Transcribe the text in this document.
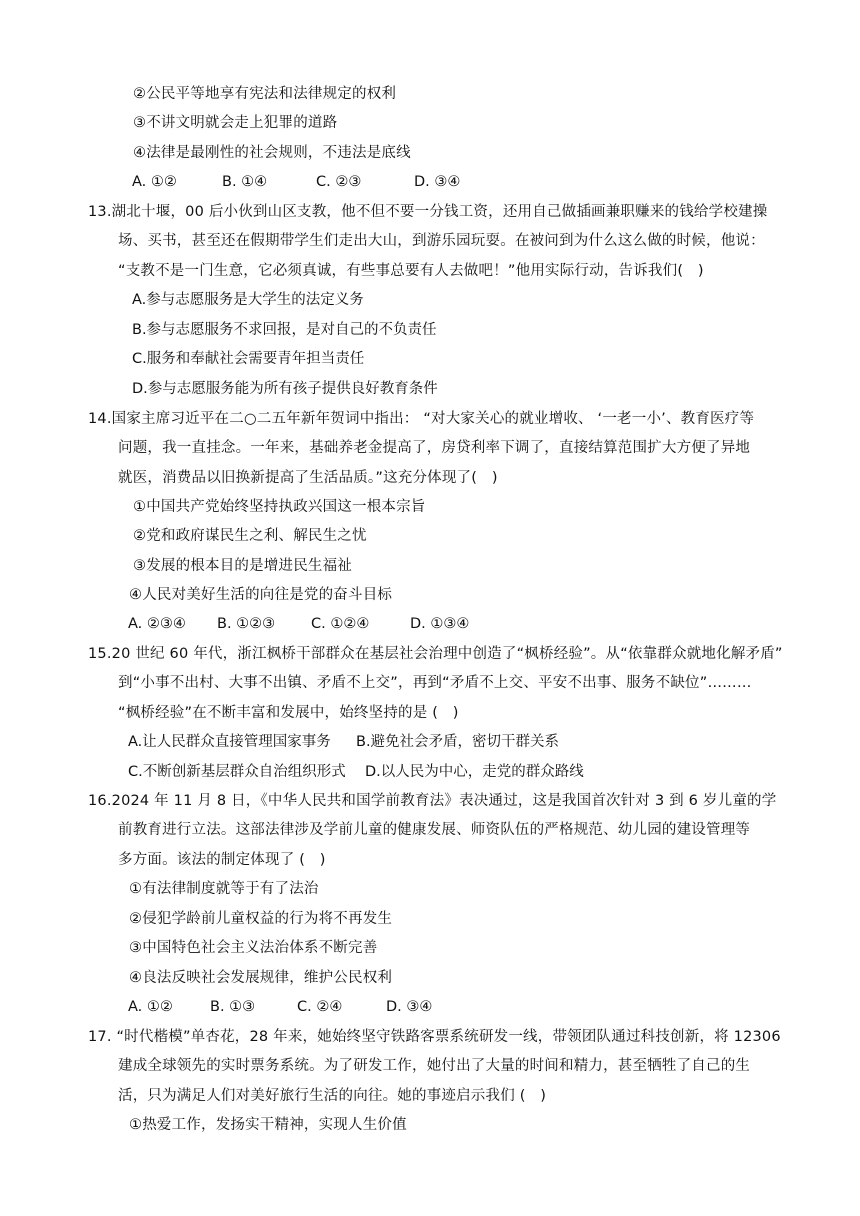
②公民平等地享有宪法和法律规定的权利
③不讲文明就会走上犯罪的道路
④法律是最刚性的社会规则，不违法是底线
A. ①②	B. ①④	C. ②③	D. ③④
13.湖北十堰，00 后小伙到山区支教，他不但不要一分钱工资，还用自己做插画兼职赚来的钱给学校建操
场、买书，甚至还在假期带学生们走出大山，到游乐园玩耍。在被问到为什么这么做的时候，他说：
“支教不是一门生意，它必须真诚，有些事总要有人去做吧！”他用实际行动，告诉我们(　)
A.参与志愿服务是大学生的法定义务
B.参与志愿服务不求回报，是对自己的不负责任
C.服务和奉献社会需要青年担当责任
D.参与志愿服务能为所有孩子提供良好教育条件
14.国家主席习近平在二○二五年新年贺词中指出： “对大家关心的就业增收、 ‘一老一小’、教育医疗等
问题，我一直挂念。一年来，基础养老金提高了，房贷利率下调了，直接结算范围扩大方便了异地
就医，消费品以旧换新提高了生活品质。”这充分体现了(　)
①中国共产党始终坚持执政兴国这一根本宗旨
②党和政府谋民生之利、解民生之忧
③发展的根本目的是增进民生福祉
④人民对美好生活的向往是党的奋斗目标
A. ②③④ B. ①②③ C. ①②④	D. ①③④
15.20 世纪 60 年代，浙江枫桥干部群众在基层社会治理中创造了“枫桥经验”。从“依靠群众就地化解矛盾”
到“小事不出村、大事不出镇、矛盾不上交”，再到“矛盾不上交、平安不出事、服务不缺位”………
“枫桥经验”在不断丰富和发展中，始终坚持的是 (　)
A.让人民群众直接管理国家事务 B.避免社会矛盾，密切干群关系
C.不断创新基层群众自治组织形式 D.以人民为中心，走党的群众路线
16.2024 年 11 月 8 日，《中华人民共和国学前教育法》表决通过，这是我国首次针对 3 到 6 岁儿童的学
前教育进行立法。这部法律涉及学前儿童的健康发展、师资队伍的严格规范、幼儿园的建设管理等
多方面。该法的制定体现了 (　)
①有法律制度就等于有了法治
②侵犯学龄前儿童权益的行为将不再发生
③中国特色社会主义法治体系不断完善
④良法反映社会发展规律，维护公民权利
A. ①②	B. ①③	C. ②④	D. ③④
17. “时代楷模”单杏花，28 年来，她始终坚守铁路客票系统研发一线，带领团队通过科技创新，将 12306
建成全球领先的实时票务系统。为了研发工作，她付出了大量的时间和精力，甚至牺牲了自己的生
活，只为满足人们对美好旅行生活的向往。她的事迹启示我们 (　)
①热爱工作，发扬实干精神，实现人生价值
